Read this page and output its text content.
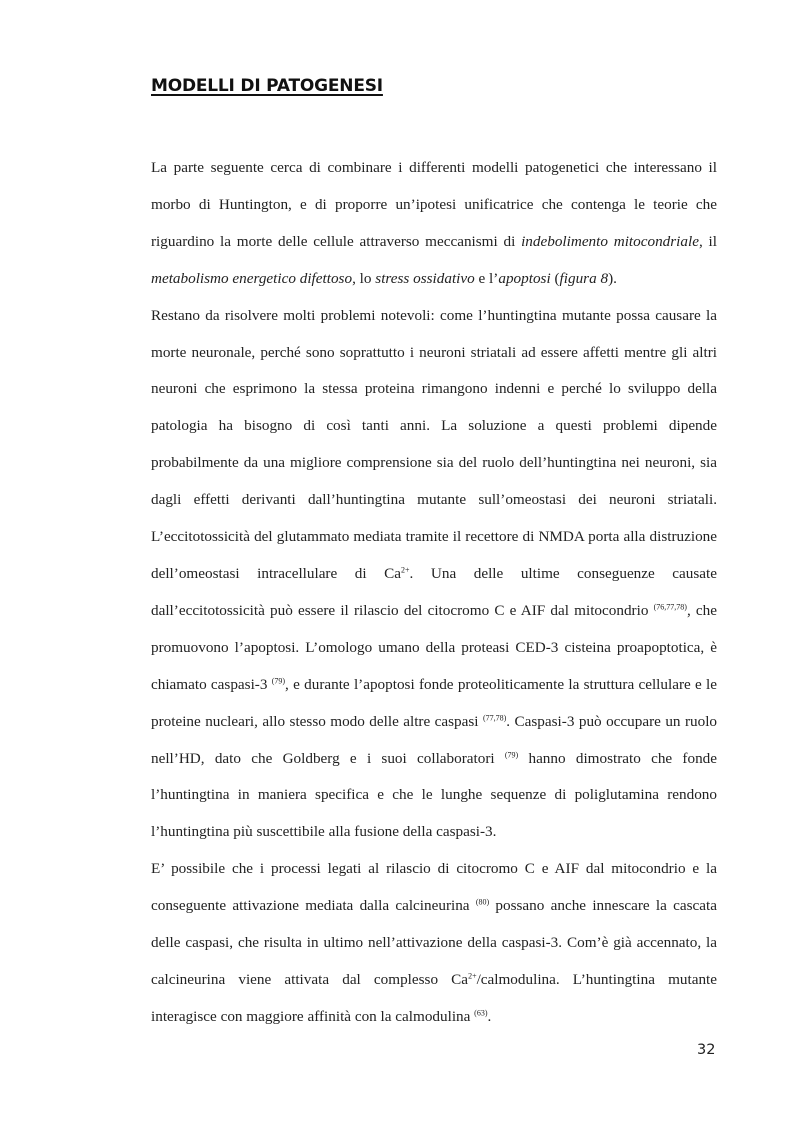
MODELLI DI PATOGENESI

La parte seguente cerca di combinare i differenti modelli patogenetici che interessano il morbo di Huntington, e di proporre un’ipotesi unificatrice che contenga le teorie che riguardino la morte delle cellule attraverso meccanismi di indebolimento mitocondriale, il metabolismo energetico difettoso, lo stress ossidativo e l’apoptosi (figura 8).

Restano da risolvere molti problemi notevoli: come l’huntingtina mutante possa causare la morte neuronale, perché sono soprattutto i neuroni striatali ad essere affetti mentre gli altri neuroni che esprimono la stessa proteina rimangono indenni e perché lo sviluppo della patologia ha bisogno di così tanti anni. La soluzione a questi problemi dipende probabilmente da una migliore comprensione sia del ruolo dell’huntingtina nei neuroni, sia dagli effetti derivanti dall’huntingtina mutante sull’omeostasi dei neuroni striatali. L’eccitotossicità del glutammato mediata tramite il recettore di NMDA porta alla distruzione dell’omeostasi intracellulare di $Ca^{2+}$. Una delle ultime conseguenze causate dall’eccitotossicità può essere il rilascio del citocromo C e AIF dal mitocondrio $^{(76,77,78)}$, che promuovono l’apoptosi. L’omologo umano della proteasi CED-3 cisteina proapoptotica, è chiamato caspasi-3 $^{(79)}$, e durante l’apoptosi fonde proteoliticamente la struttura cellulare e le proteine nucleari, allo stesso modo delle altre caspasi $^{(77,78)}$. Caspasi-3 può occupare un ruolo nell’HD, dato che Goldberg e i suoi collaboratori $^{(79)}$ hanno dimostrato che fonde l’huntingtina in maniera specifica e che le lunghe sequenze di poliglutamina rendono l’huntingtina più suscettibile alla fusione della caspasi-3.

E’ possibile che i processi legati al rilascio di citocromo C e AIF dal mitocondrio e la conseguente attivazione mediata dalla calcineurina $^{(80)}$ possano anche innescare la cascata delle caspasi, che risulta in ultimo nell’attivazione della caspasi-3. Com’è già accennato, la calcineurina viene attivata dal complesso $Ca^{2+}$/calmodulina. L’huntingtina mutante interagisce con maggiore affinità con la calmodulina $^{(63)}$.

32
